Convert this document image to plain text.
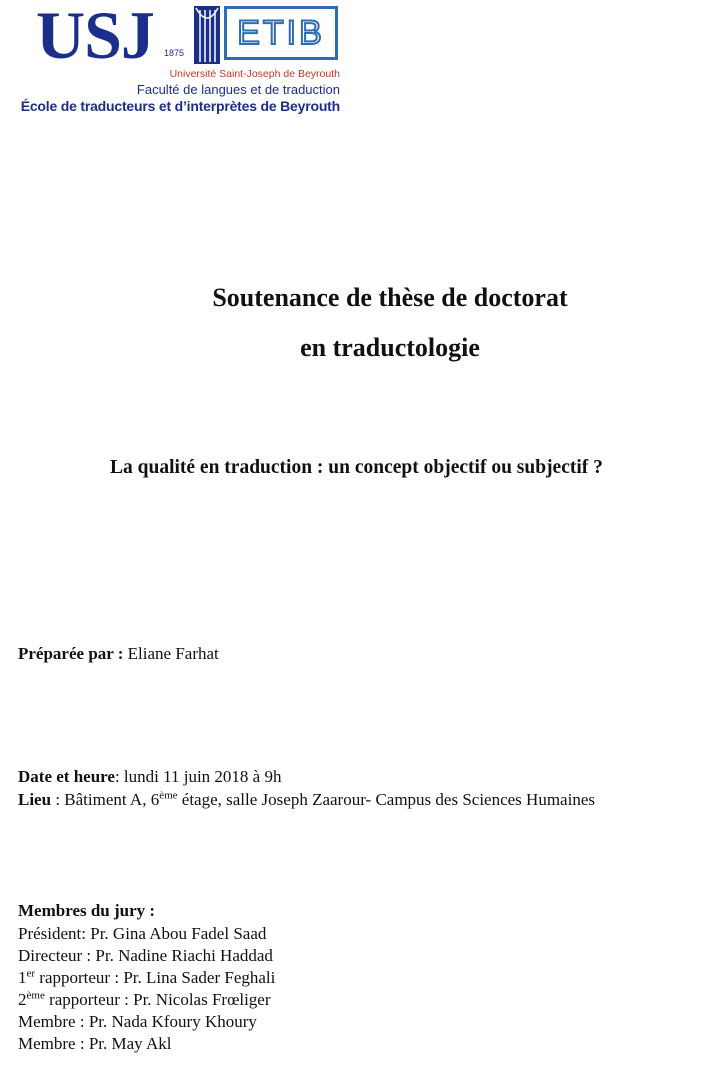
USJ 1875
ETIB
Université Saint-Joseph de Beyrouth
Faculté de langues et de traduction
École de traducteurs et d’interprètes de Beyrouth
Soutenance de thèse de doctorat
en traductologie
La qualité en traduction : un concept objectif ou subjectif ?
Préparée par : Eliane Farhat
Date et heure: lundi 11 juin 2018 à 9h
Lieu : Bâtiment A, 6ème étage, salle Joseph Zaarour- Campus des Sciences Humaines
Membres du jury :
Président: Pr. Gina Abou Fadel Saad
Directeur : Pr. Nadine Riachi Haddad
1er rapporteur : Pr. Lina Sader Feghali
2ème rapporteur : Pr. Nicolas Frœliger
Membre : Pr. Nada Kfoury Khoury
Membre : Pr. May Akl
